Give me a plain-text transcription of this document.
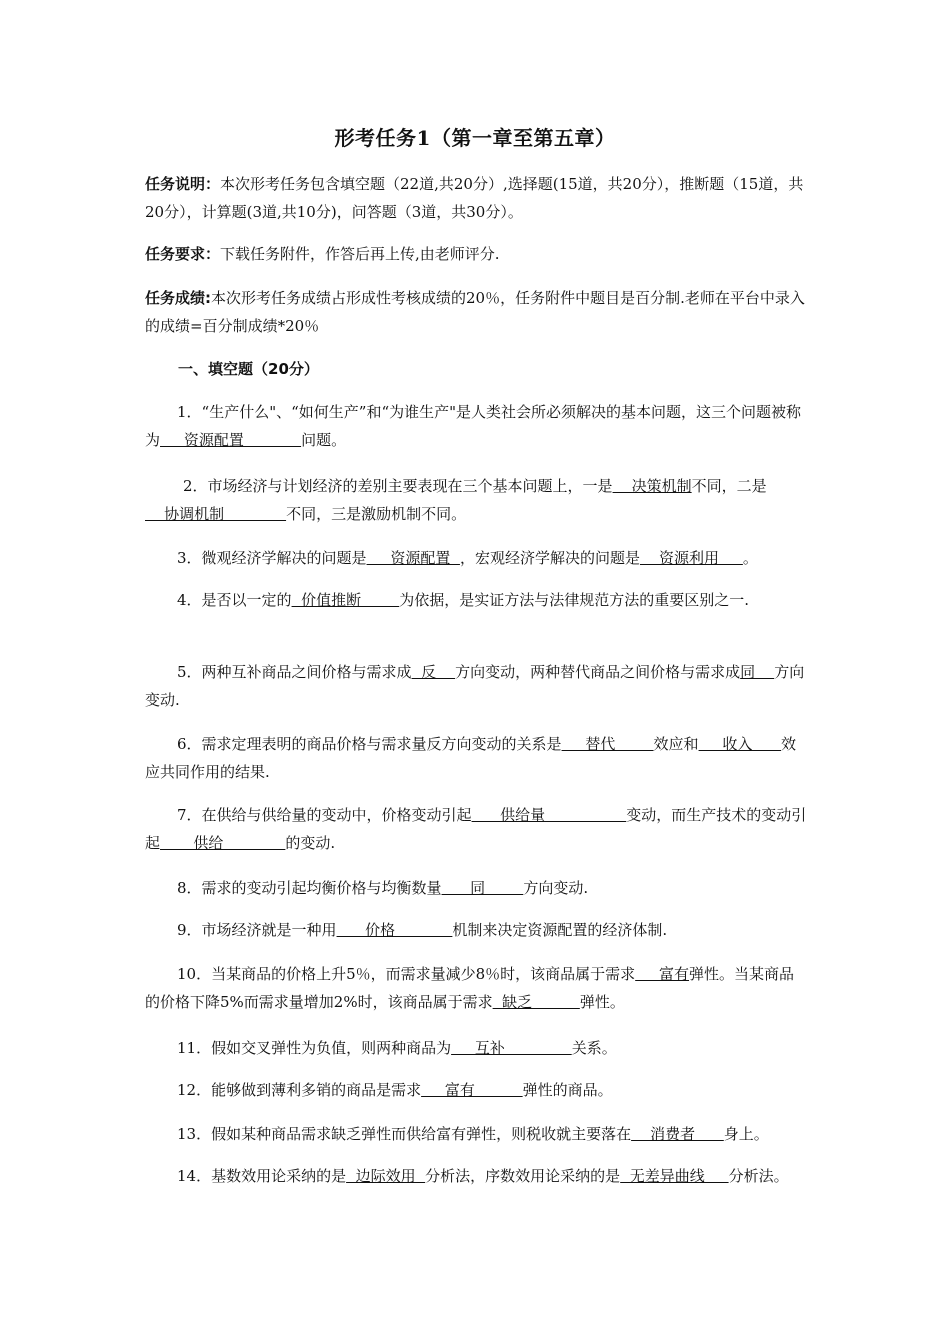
形考任务1（第一章至第五章）
任务说明：本次形考任务包含填空题（22道,共20分）,选择题(15道，共20分），推断题（15道，共20分），计算题(3道,共10分)，问答题（3道，共30分）。
任务要求：下载任务附件，作答后再上传,由老师评分.
任务成绩:本次形考任务成绩占形成性考核成绩的20％，任务附件中题目是百分制.老师在平台中录入的成绩=百分制成绩*20％
一、填空题（20分）
1．“生产什么"、“如何生产”和“为谁生产"是人类社会所必须解决的基本问题，这三个问题被称为     资源配置            问题。
2．市场经济与计划经济的差别主要表现在三个基本问题上，一是    决策机制不同，二是    协调机制             不同，三是激励机制不同。
3．微观经济学解决的问题是     资源配置  ，宏观经济学解决的问题是    资源利用     。
4．是否以一定的  价值推断        为依据，是实证方法与法律规范方法的重要区别之一.
5．两种互补商品之间价格与需求成  反    方向变动，两种替代商品之间价格与需求成同    方向变动.
6．需求定理表明的商品价格与需求量反方向变动的关系是     替代        效应和     收入      效应共同作用的结果.
7．在供给与供给量的变动中，价格变动引起      供给量                 变动，而生产技术的变动引起       供给             的变动.
8．需求的变动引起均衡价格与均衡数量      同        方向变动.
9．市场经济就是一种用      价格            机制来决定资源配置的经济体制.
10．当某商品的价格上升5％，而需求量减少8％时，该商品属于需求     富有弹性。当某商品的价格下降5%而需求量增加2%时，该商品属于需求  缺乏          弹性。
11．假如交叉弹性为负值，则两种商品为     互补              关系。
12．能够做到薄利多销的商品是需求     富有          弹性的商品。
13．假如某种商品需求缺乏弹性而供给富有弹性，则税收就主要落在    消费者      身上。
14．基数效用论采纳的是  边际效用  分析法，序数效用论采纳的是  无差异曲线     分析法。
